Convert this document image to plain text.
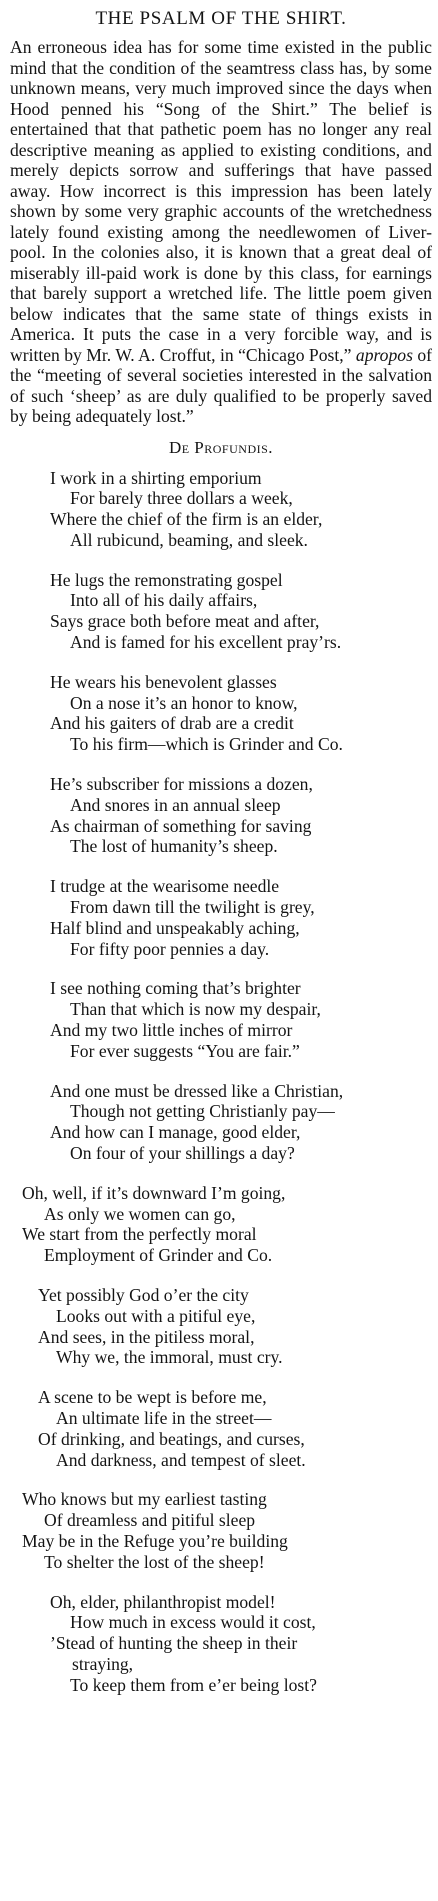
THE PSALM OF THE SHIRT.
An erroneous idea has for some time existed in the public mind that the condition of the seamtress class has, by some unknown means, very much improved since the days when Hood penned his “Song of the Shirt.” The belief is entertained that that pathetic poem has no longer any real descriptive meaning as applied to existing conditions, and merely depicts sorrow and sufferings that have passed away. How incorrect is this impression has been lately shown by some very graphic accounts of the wretchedness lately found existing among the needlewomen of Liver-pool. In the colonies also, it is known that a great deal of miserably ill-paid work is done by this class, for earnings that barely support a wretched life. The little poem given below indicates that the same state of things exists in America. It puts the case in a very forcible way, and is written by Mr. W. A. Croffut, in “Chicago Post,” apropos of the “meeting of several societies interested in the salvation of such ‘sheep’ as are duly qualified to be properly saved by being adequately lost.”
De Profundis.
I work in a shirting emporium
For barely three dollars a week,
Where the chief of the firm is an elder,
All rubicund, beaming, and sleek.
He lugs the remonstrating gospel
Into all of his daily affairs,
Says grace both before meat and after,
And is famed for his excellent pray’rs.
He wears his benevolent glasses
On a nose it’s an honor to know,
And his gaiters of drab are a credit
To his firm—which is Grinder and Co.
He’s subscriber for missions a dozen,
And snores in an annual sleep
As chairman of something for saving
The lost of humanity’s sheep.
I trudge at the wearisome needle
From dawn till the twilight is grey,
Half blind and unspeakably aching,
For fifty poor pennies a day.
I see nothing coming that’s brighter
Than that which is now my despair,
And my two little inches of mirror
For ever suggests “You are fair.”
And one must be dressed like a Christian,
Though not getting Christianly pay—
And how can I manage, good elder,
On four of your shillings a day?
Oh, well, if it’s downward I’m going,
As only we women can go,
We start from the perfectly moral
Employment of Grinder and Co.
Yet possibly God o’er the city
Looks out with a pitiful eye,
And sees, in the pitiless moral,
Why we, the immoral, must cry.
A scene to be wept is before me,
An ultimate life in the street—
Of drinking, and beatings, and curses,
And darkness, and tempest of sleet.
Who knows but my earliest tasting
Of dreamless and pitiful sleep
May be in the Refuge you’re building
To shelter the lost of the sheep!
Oh, elder, philanthropist model!
How much in excess would it cost,
’Stead of hunting the sheep in their
straying,
To keep them from e’er being lost?
